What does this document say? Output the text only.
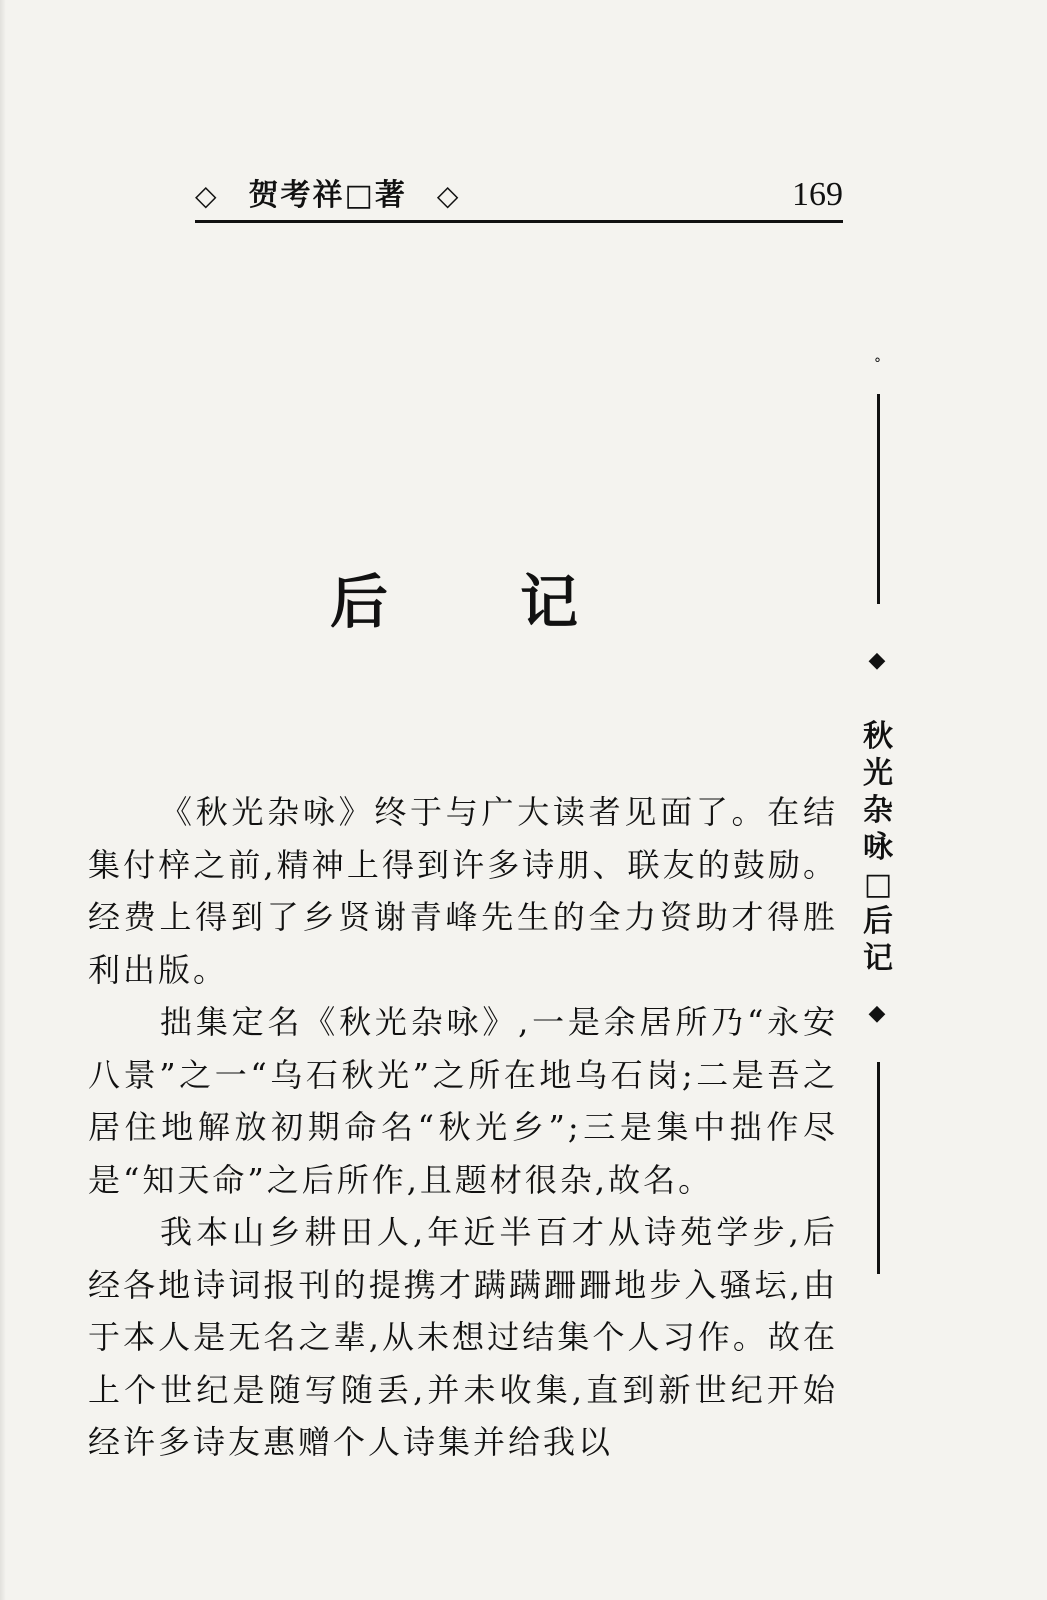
◇ 贺考祥□著 ◇	169
后 记

《秋光杂咏》终于与广大读者见面了。在结集付梓之前,精神上得到许多诗朋、联友的鼓励。经费上得到了乡贤谢青峰先生的全力资助才得胜利出版。

拙集定名《秋光杂咏》,一是余居所乃“永安八景”之一“乌石秋光”之所在地乌石岗;二是吾之居住地解放初期命名“秋光乡”;三是集中拙作尽是“知天命”之后所作,且题材很杂,故名。

我本山乡耕田人,年近半百才从诗苑学步,后经各地诗词报刊的提携才蹒蹒跚跚地步入骚坛,由于本人是无名之辈,从未想过结集个人习作。故在上个世纪是随写随丢,并未收集,直到新世纪开始经许多诗友惠赠个人诗集并给我以

°
◆
秋光杂咏□后记
◆
